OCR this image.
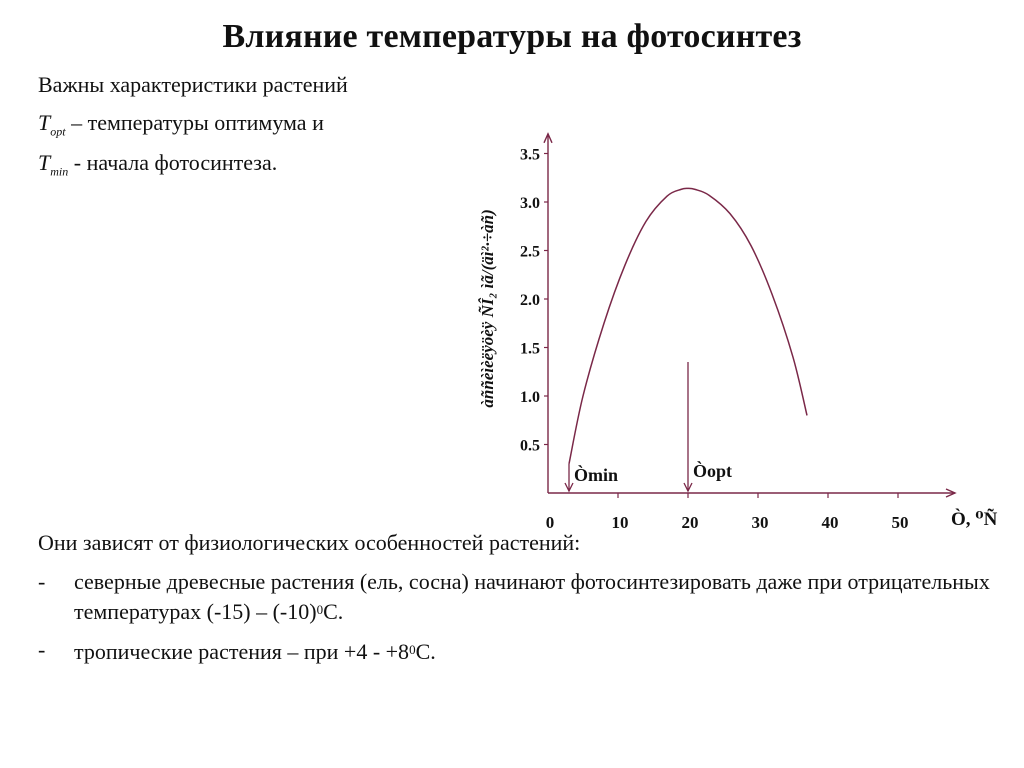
Влияние температуры на фотосинтез
Важны характеристики растений
$T_{opt}$ – температуры оптимума и
$T_{min}$ - начала фотосинтеза.
àññèìèëÿöèÿ ÑÎ₂ ìã/(äì²·÷àñ)
0.5
1.0
1.5
2.0
2.5
3.0
3.5
0	10	20	30	40	50 Ò, ⁰Ñ
Òmin	Òopt
Они зависят от физиологических особенностей растений:
- северные древесные растения (ель, сосна) начинают фотосинтезировать даже при отрицательных температурах $(-15) - (-10)^0C$.
- тропические растения – при $+4 - +8^0C$.
